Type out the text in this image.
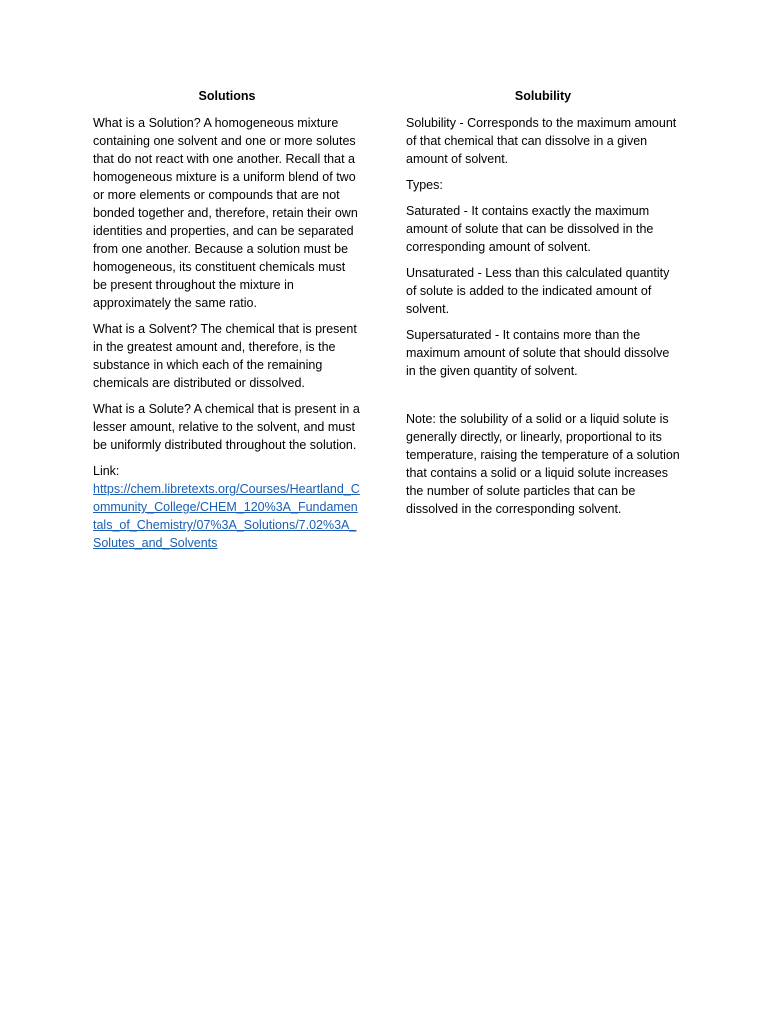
Solutions

What is a Solution? A homogeneous mixture containing one solvent and one or more solutes that do not react with one another. Recall that a homogeneous mixture is a uniform blend of two or more elements or compounds that are not bonded together and, therefore, retain their own identities and properties, and can be separated from one another. Because a solution must be homogeneous, its constituent chemicals must be present throughout the mixture in approximately the same ratio.

What is a Solvent? The chemical that is present in the greatest amount and, therefore, is the substance in which each of the remaining chemicals are distributed or dissolved.

What is a Solute? A chemical that is present in a lesser amount, relative to the solvent, and must be uniformly distributed throughout the solution.

Link:

https://chem.libretexts.org/Courses/Heartland_Community_College/CHEM_120%3A_Fundamentals_of_Chemistry/07%3A_Solutions/7.02%3A_Solutes_and_Solvents
Solubility

Solubility - Corresponds to the maximum amount of that chemical that can dissolve in a given amount of solvent.

Types:

Saturated - It contains exactly the maximum amount of solute that can be dissolved in the corresponding amount of solvent.

Unsaturated - Less than this calculated quantity of solute is added to the indicated amount of solvent.

Supersaturated - It contains more than the maximum amount of solute that should dissolve in the given quantity of solvent.

Note: the solubility of a solid or a liquid solute is generally directly, or linearly, proportional to its temperature, raising the temperature of a solution that contains a solid or a liquid solute increases the number of solute particles that can be dissolved in the corresponding solvent.
